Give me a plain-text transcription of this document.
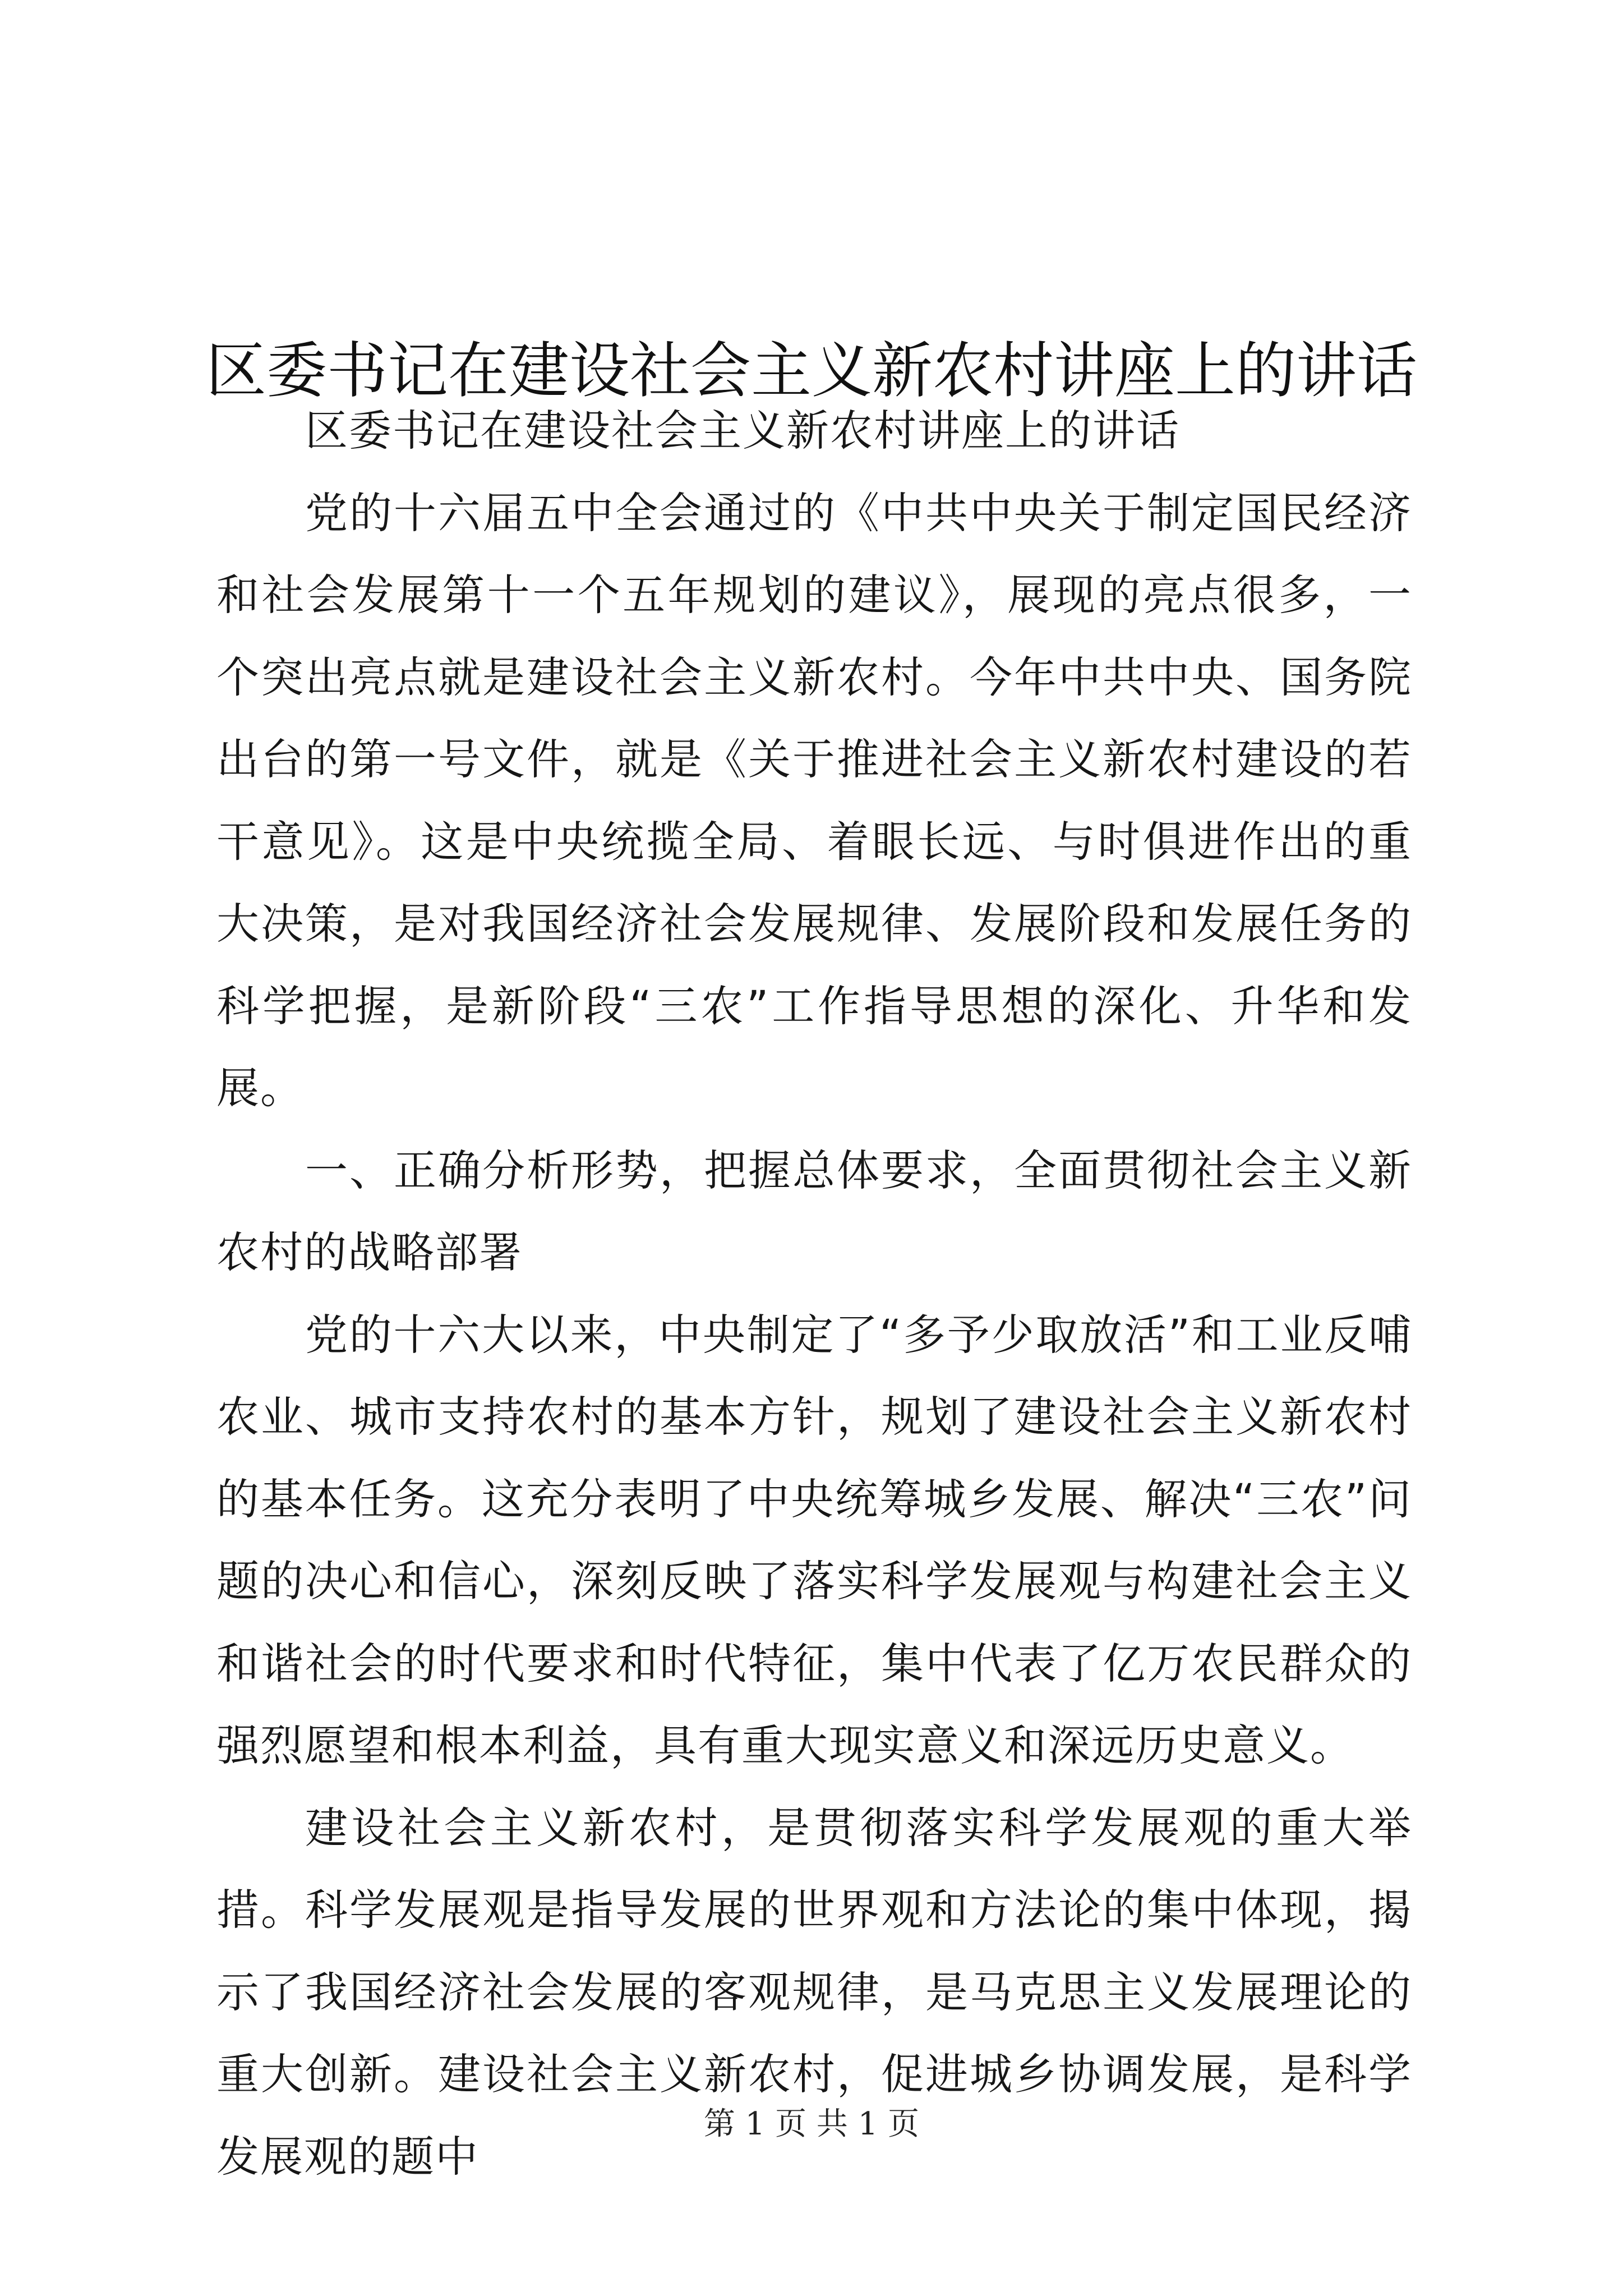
区委书记在建设社会主义新农村讲座上的讲话

区委书记在建设社会主义新农村讲座上的讲话

党的十六届五中全会通过的《中共中央关于制定国民经济和社会发展第十一个五年规划的建议》，展现的亮点很多，一个突出亮点就是建设社会主义新农村。今年中共中央、国务院出台的第一号文件，就是《关于推进社会主义新农村建设的若干意见》。这是中央统揽全局、着眼长远、与时俱进作出的重大决策，是对我国经济社会发展规律、发展阶段和发展任务的科学把握，是新阶段“三农”工作指导思想的深化、升华和发展。

一、正确分析形势，把握总体要求，全面贯彻社会主义新农村的战略部署

党的十六大以来，中央制定了“多予少取放活”和工业反哺农业、城市支持农村的基本方针，规划了建设社会主义新农村的基本任务。这充分表明了中央统筹城乡发展、解决“三农”问题的决心和信心，深刻反映了落实科学发展观与构建社会主义和谐社会的时代要求和时代特征，集中代表了亿万农民群众的强烈愿望和根本利益，具有重大现实意义和深远历史意义。

建设社会主义新农村，是贯彻落实科学发展观的重大举措。科学发展观是指导发展的世界观和方法论的集中体现，揭示了我国经济社会发展的客观规律，是马克思主义发展理论的重大创新。建设社会主义新农村，促进城乡协调发展，是科学发展观的题中

第 1 页 共 1 页
